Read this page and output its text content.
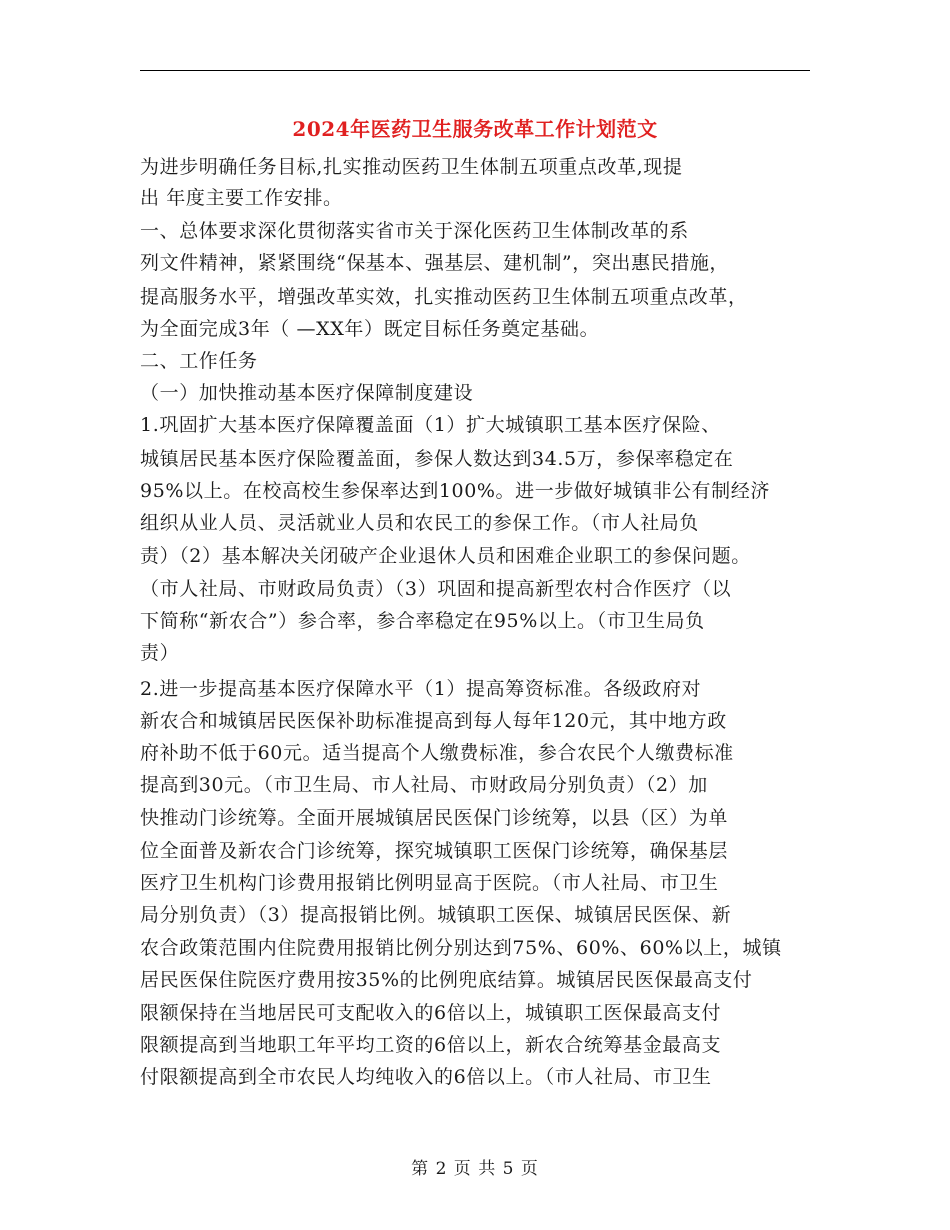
2024年医药卫生服务改革工作计划范文
为进步明确任务目标,扎实推动医药卫生体制五项重点改革,现提
出 年度主要工作安排。
一、总体要求深化贯彻落实省市关于深化医药卫生体制改革的系
列文件精神，紧紧围绕“保基本、强基层、建机制”，突出惠民措施，
提高服务水平，增强改革实效，扎实推动医药卫生体制五项重点改革，
为全面完成3年（ —XX年）既定目标任务奠定基础。
二、工作任务
（一）加快推动基本医疗保障制度建设
1.巩固扩大基本医疗保障覆盖面（1）扩大城镇职工基本医疗保险、
城镇居民基本医疗保险覆盖面，参保人数达到34.5万，参保率稳定在
95%以上。在校高校生参保率达到100%。进一步做好城镇非公有制经济
组织从业人员、灵活就业人员和农民工的参保工作。（市人社局负
责）（2）基本解决关闭破产企业退休人员和困难企业职工的参保问题。
（市人社局、市财政局负责）（3）巩固和提高新型农村合作医疗（以
下简称“新农合”）参合率，参合率稳定在95%以上。（市卫生局负
责）
2.进一步提高基本医疗保障水平（1）提高筹资标准。各级政府对
新农合和城镇居民医保补助标准提高到每人每年120元，其中地方政
府补助不低于60元。适当提高个人缴费标准，参合农民个人缴费标准
提高到30元。（市卫生局、市人社局、市财政局分别负责）（2）加
快推动门诊统筹。全面开展城镇居民医保门诊统筹，以县（区）为单
位全面普及新农合门诊统筹，探究城镇职工医保门诊统筹，确保基层
医疗卫生机构门诊费用报销比例明显高于医院。（市人社局、市卫生
局分别负责）（3）提高报销比例。城镇职工医保、城镇居民医保、新
农合政策范围内住院费用报销比例分别达到75%、60%、60%以上，城镇
居民医保住院医疗费用按35%的比例兜底结算。城镇居民医保最高支付
限额保持在当地居民可支配收入的6倍以上，城镇职工医保最高支付
限额提高到当地职工年平均工资的6倍以上，新农合统筹基金最高支
付限额提高到全市农民人均纯收入的6倍以上。（市人社局、市卫生
第 2 页 共 5 页
